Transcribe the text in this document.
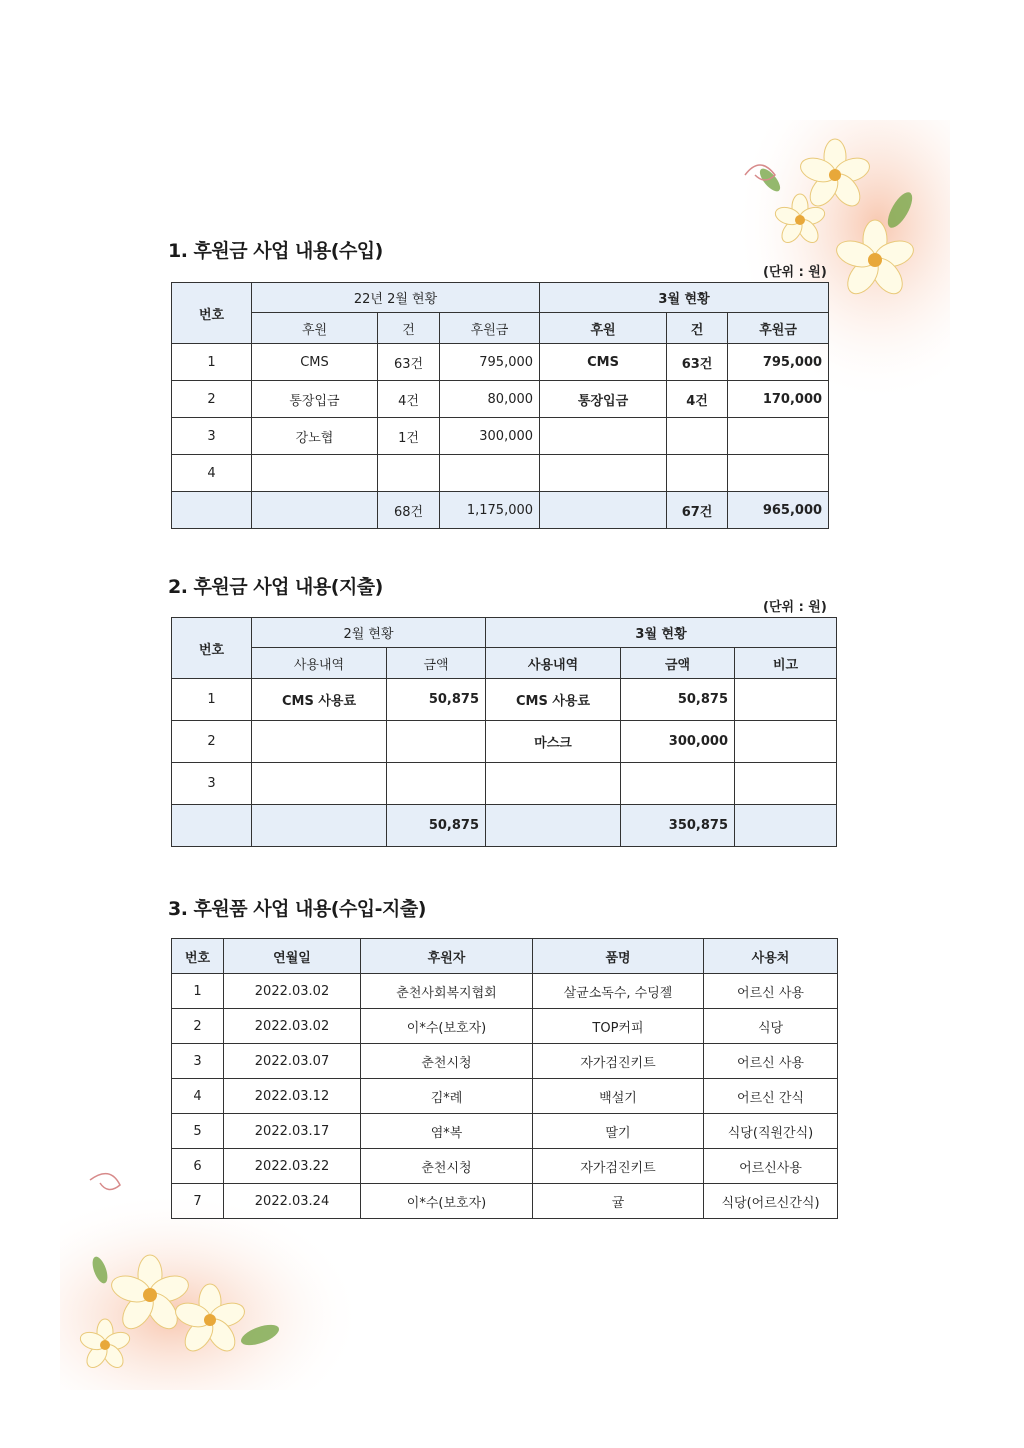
1. 후원금 사업 내용(수입)
(단위 : 원)
번호	22년 2월 현황			3월 현황		
	후원	건	후원금	후원	건	후원금
1	CMS	63건	795,000	CMS	63건	795,000
2	통장입금	4건	80,000	통장입금	4건	170,000
3	강노협	1건	300,000			
4						
		68건	1,175,000		67건	965,000
2. 후원금 사업 내용(지출)
(단위 : 원)
번호	2월 현황		3월 현황		
	사용내역	금액	사용내역	금액	비고
1	CMS 사용료	50,875	CMS 사용료	50,875	
2			마스크	300,000	
3					
		50,875		350,875	
3. 후원품 사업 내용(수입-지출)
번호	연월일	후원자	품명	사용처
1	2022.03.02	춘천사회복지협회	살균소독수, 수딩젤	어르신 사용
2	2022.03.02	이*수(보호자)	TOP커피	식당
3	2022.03.07	춘천시청	자가검진키트	어르신 사용
4	2022.03.12	김*례	백설기	어르신 간식
5	2022.03.17	염*복	딸기	식당(직원간식)
6	2022.03.22	춘천시청	자가검진키트	어르신사용
7	2022.03.24	이*수(보호자)	귤	식당(어르신간식)
